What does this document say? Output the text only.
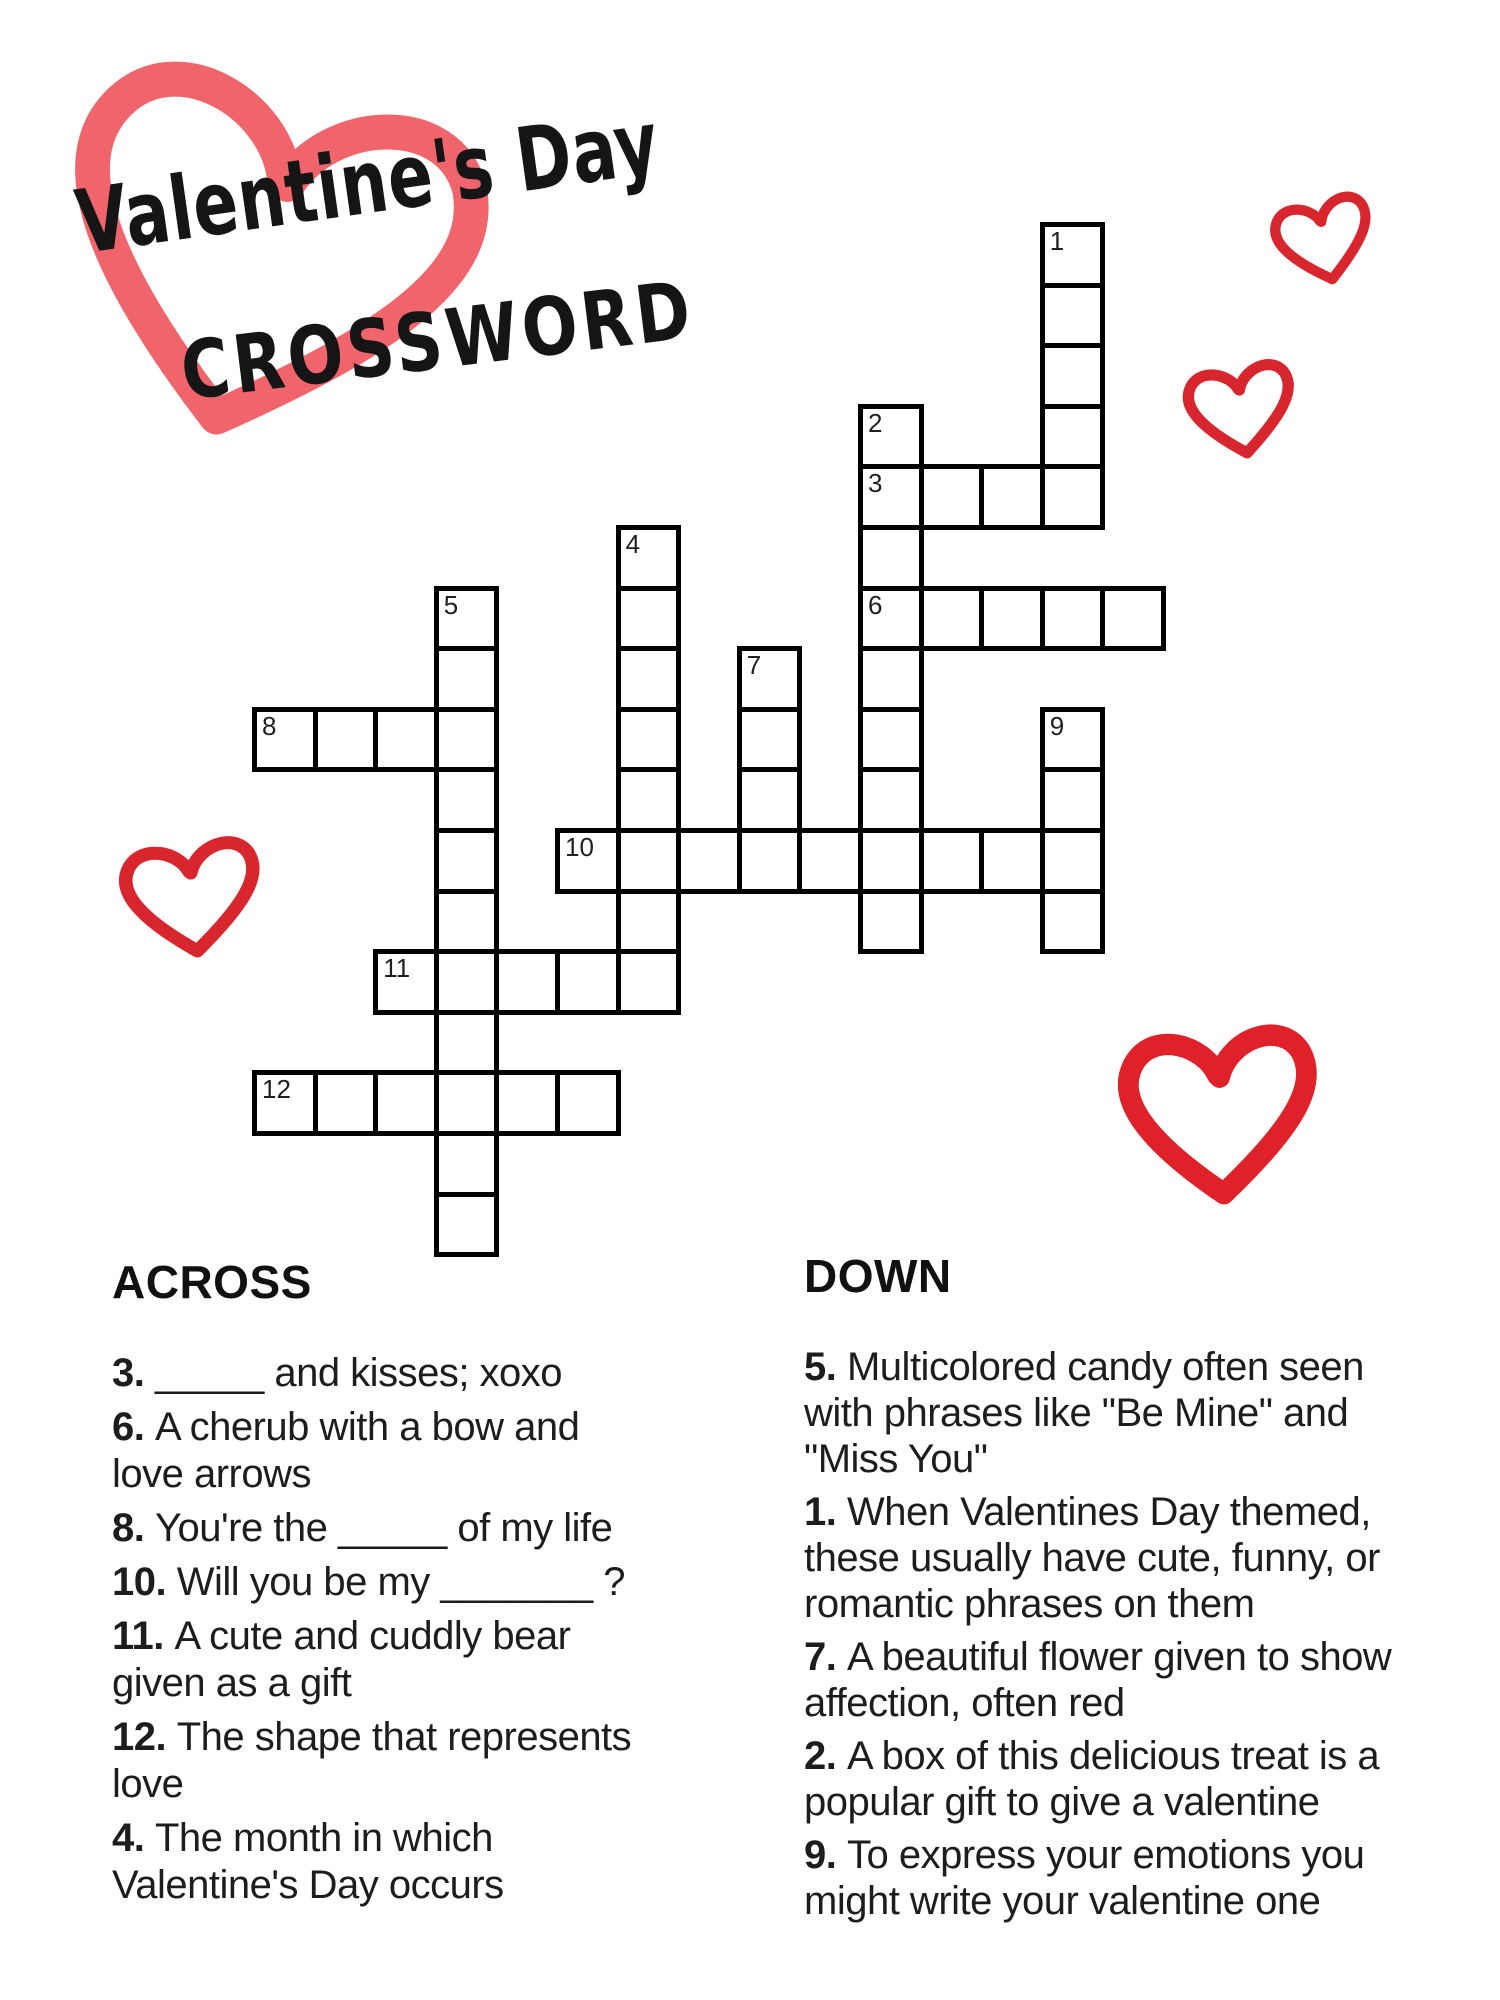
Valentine's Day
CROSSWORD
1
2
3
4
5	6
7
8	9
10
11
12
ACROSS
3. _____ and kisses; xoxo
6. A cherub with a bow and
love arrows
8. You're the _____ of my life
10. Will you be my _______ ?
11. A cute and cuddly bear
given as a gift
12. The shape that represents
love
4. The month in which
Valentine's Day occurs
DOWN
5. Multicolored candy often seen
with phrases like "Be Mine" and
"Miss You"
1. When Valentines Day themed,
these usually have cute, funny, or
romantic phrases on them
7. A beautiful flower given to show
affection, often red
2. A box of this delicious treat is a
popular gift to give a valentine
9. To express your emotions you
might write your valentine one
